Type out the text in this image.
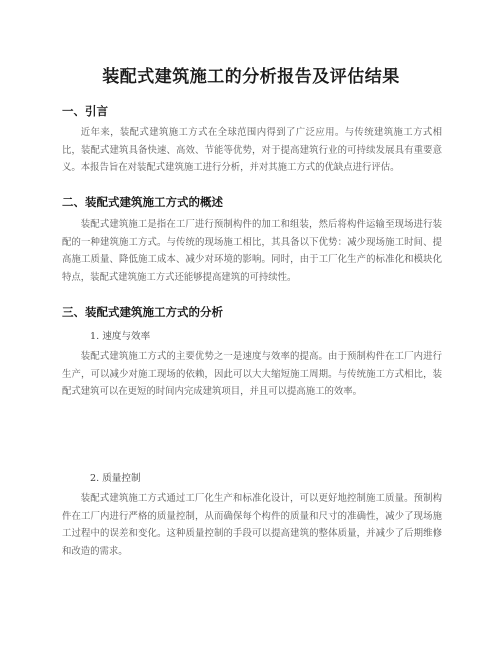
装配式建筑施工的分析报告及评估结果
一、引言

近年来，装配式建筑施工方式在全球范围内得到了广泛应用。与传统建筑施工方式相比，装配式建筑具备快速、高效、节能等优势，对于提高建筑行业的可持续发展具有重要意义。本报告旨在对装配式建筑施工进行分析，并对其施工方式的优缺点进行评估。

二、装配式建筑施工方式的概述

装配式建筑施工是指在工厂进行预制构件的加工和组装，然后将构件运输至现场进行装配的一种建筑施工方式。与传统的现场施工相比，其具备以下优势：减少现场施工时间、提高施工质量、降低施工成本、减少对环境的影响。同时，由于工厂化生产的标准化和模块化特点，装配式建筑施工方式还能够提高建筑的可持续性。

三、装配式建筑施工方式的分析
1. 速度与效率

装配式建筑施工方式的主要优势之一是速度与效率的提高。由于预制构件在工厂内进行生产，可以减少对施工现场的依赖，因此可以大大缩短施工周期。与传统施工方式相比，装配式建筑可以在更短的时间内完成建筑项目，并且可以提高施工的效率。

2. 质量控制

装配式建筑施工方式通过工厂化生产和标准化设计，可以更好地控制施工质量。预制构件在工厂内进行严格的质量控制，从而确保每个构件的质量和尺寸的准确性，减少了现场施工过程中的误差和变化。这种质量控制的手段可以提高建筑的整体质量，并减少了后期维修和改造的需求。
